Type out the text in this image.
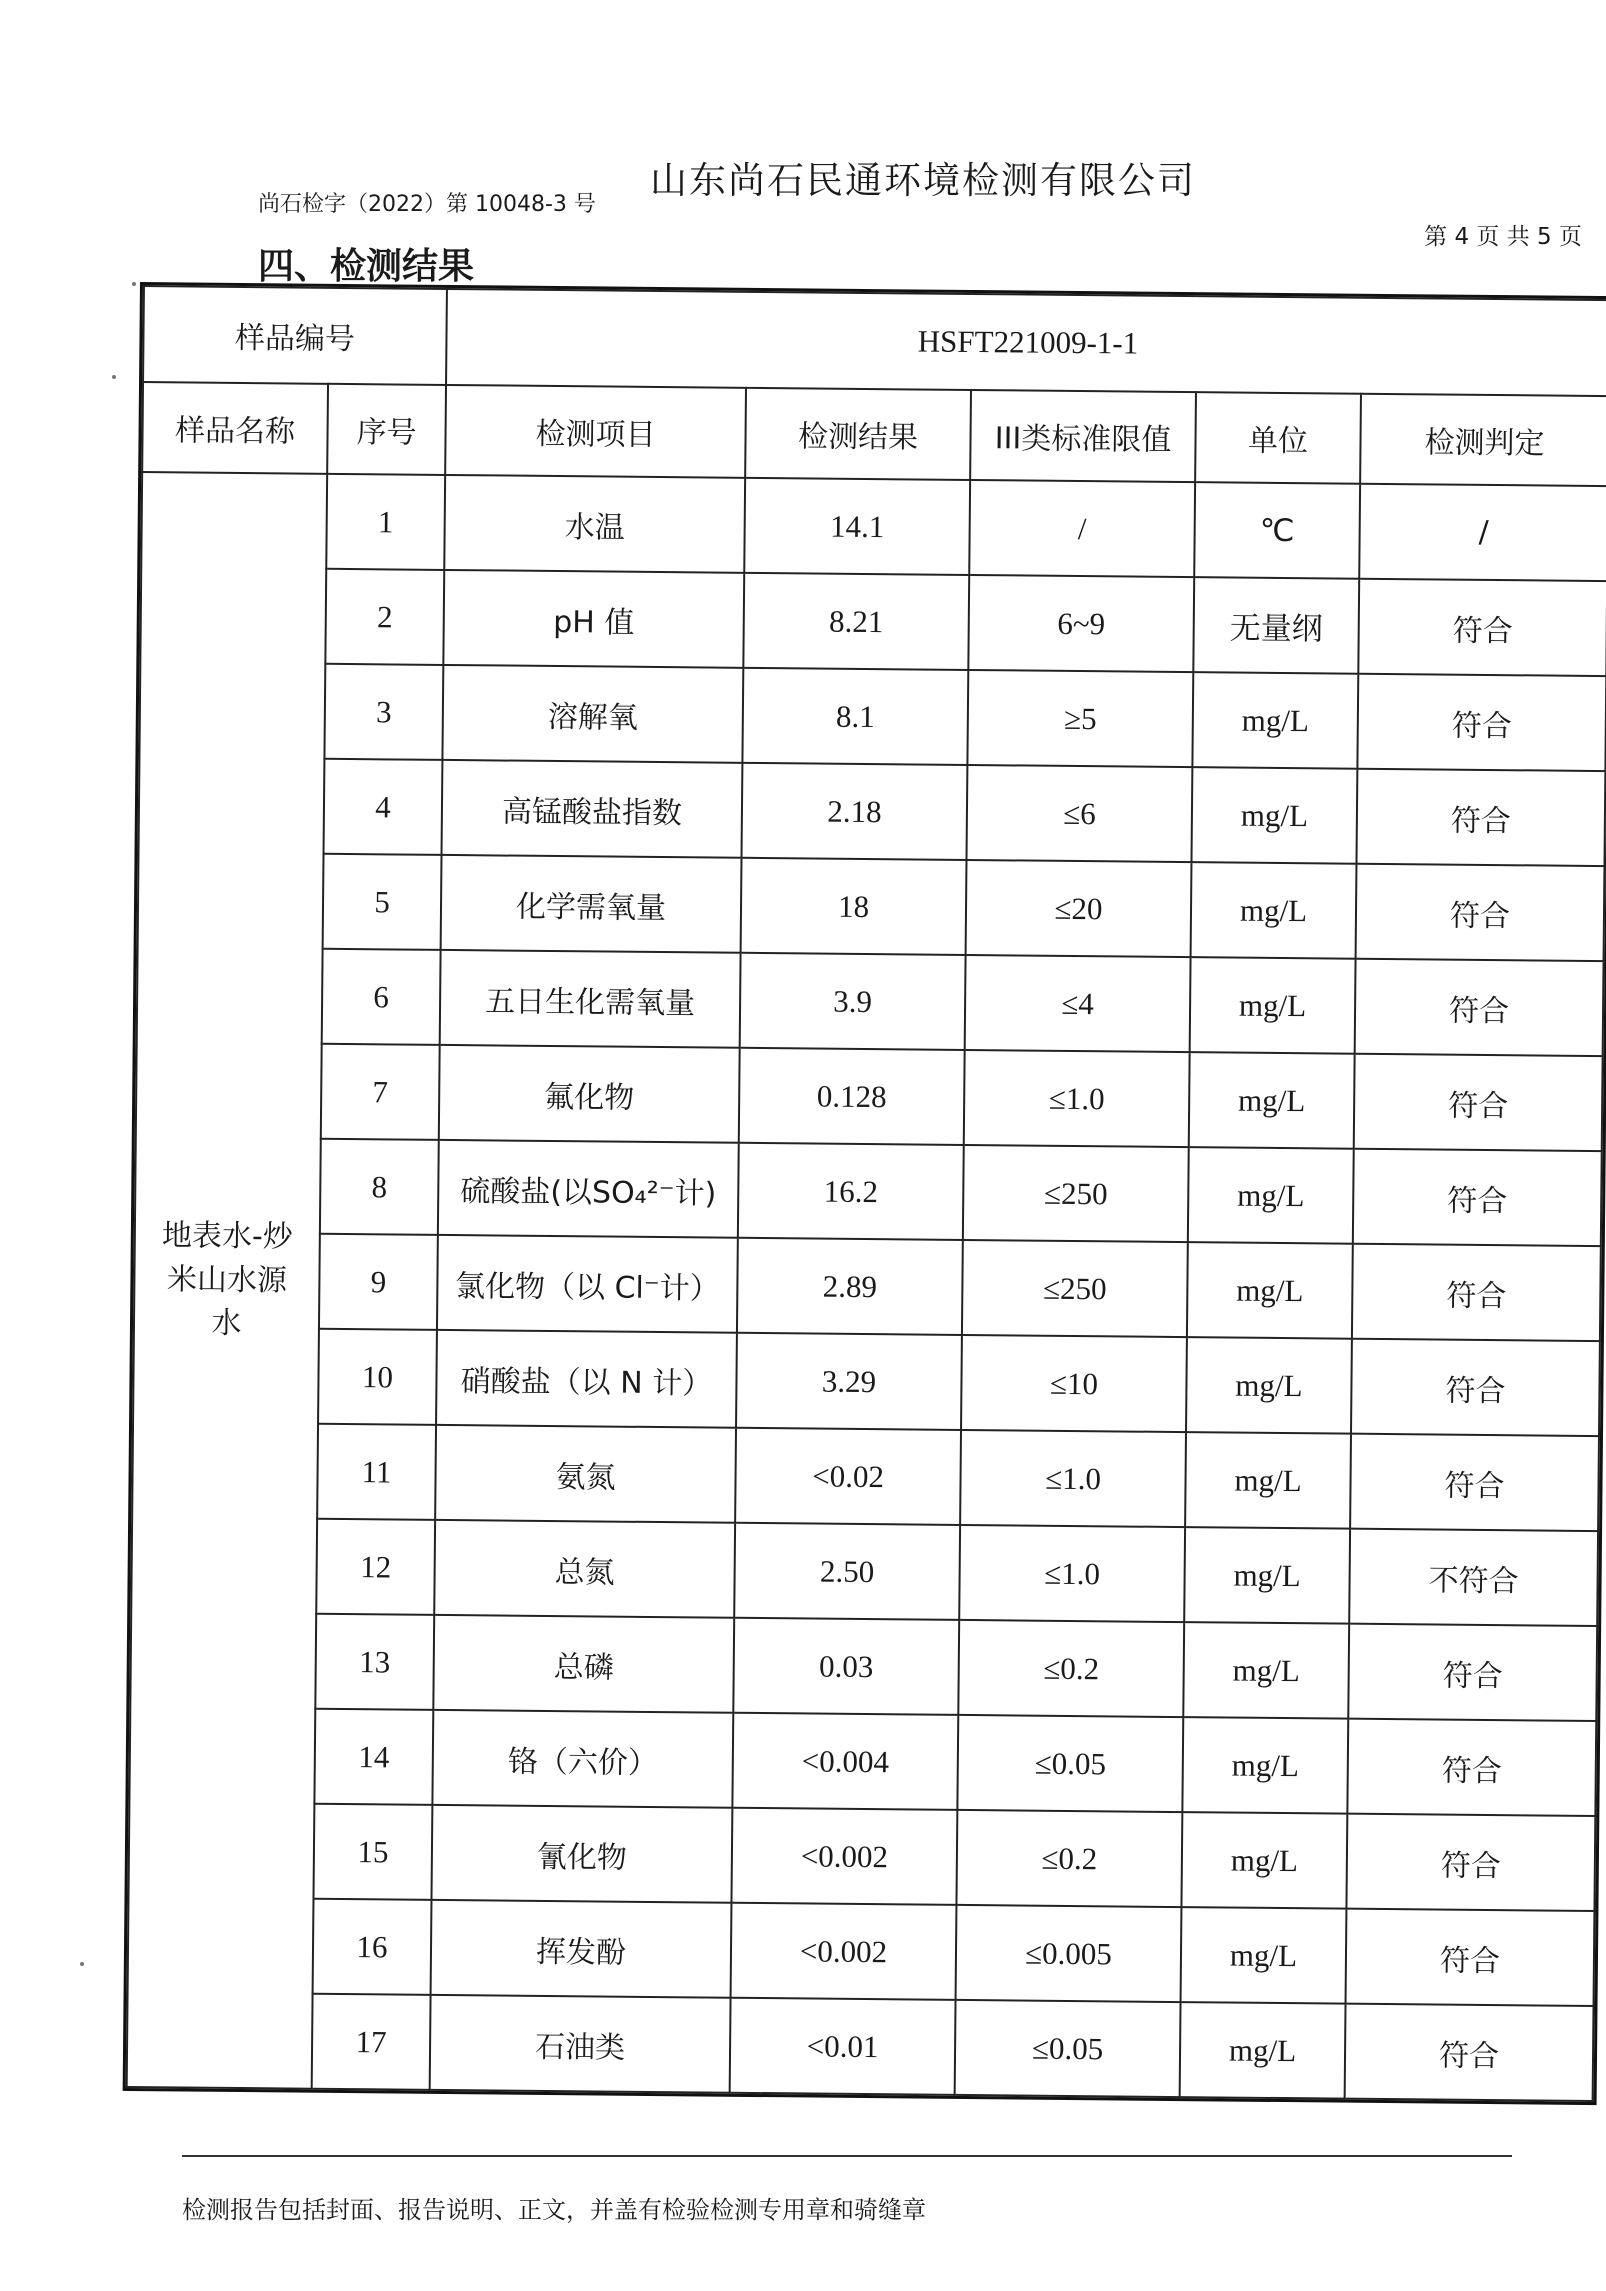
山东尚石民通环境检测有限公司
尚石检字（2022）第 10048-3 号
第 4 页 共 5 页
四、检测结果
样品编号		HSFT221009-1-1				
样品名称	序号	检测项目	检测结果	III类标准限值	单位	检测判定
地表水-炒米山水源水	1	水温	14.1	/	℃	/
	2	pH 值	8.21	6~9	无量纲	符合
	3	溶解氧	8.1	≥5	mg/L	符合
	4	高锰酸盐指数	2.18	≤6	mg/L	符合
	5	化学需氧量	18	≤20	mg/L	符合
	6	五日生化需氧量	3.9	≤4	mg/L	符合
	7	氟化物	0.128	≤1.0	mg/L	符合
	8	硫酸盐(以SO₄²⁻计)	16.2	≤250	mg/L	符合
	9	氯化物（以 Cl⁻计）	2.89	≤250	mg/L	符合
	10	硝酸盐（以 N 计）	3.29	≤10	mg/L	符合
	11	氨氮	<0.02	≤1.0	mg/L	符合
	12	总氮	2.50	≤1.0	mg/L	不符合
	13	总磷	0.03	≤0.2	mg/L	符合
	14	铬（六价）	<0.004	≤0.05	mg/L	符合
	15	氰化物	<0.002	≤0.2	mg/L	符合
	16	挥发酚	<0.002	≤0.005	mg/L	符合
	17	石油类	<0.01	≤0.05	mg/L	符合
检测报告包括封面、报告说明、正文，并盖有检验检测专用章和骑缝章
